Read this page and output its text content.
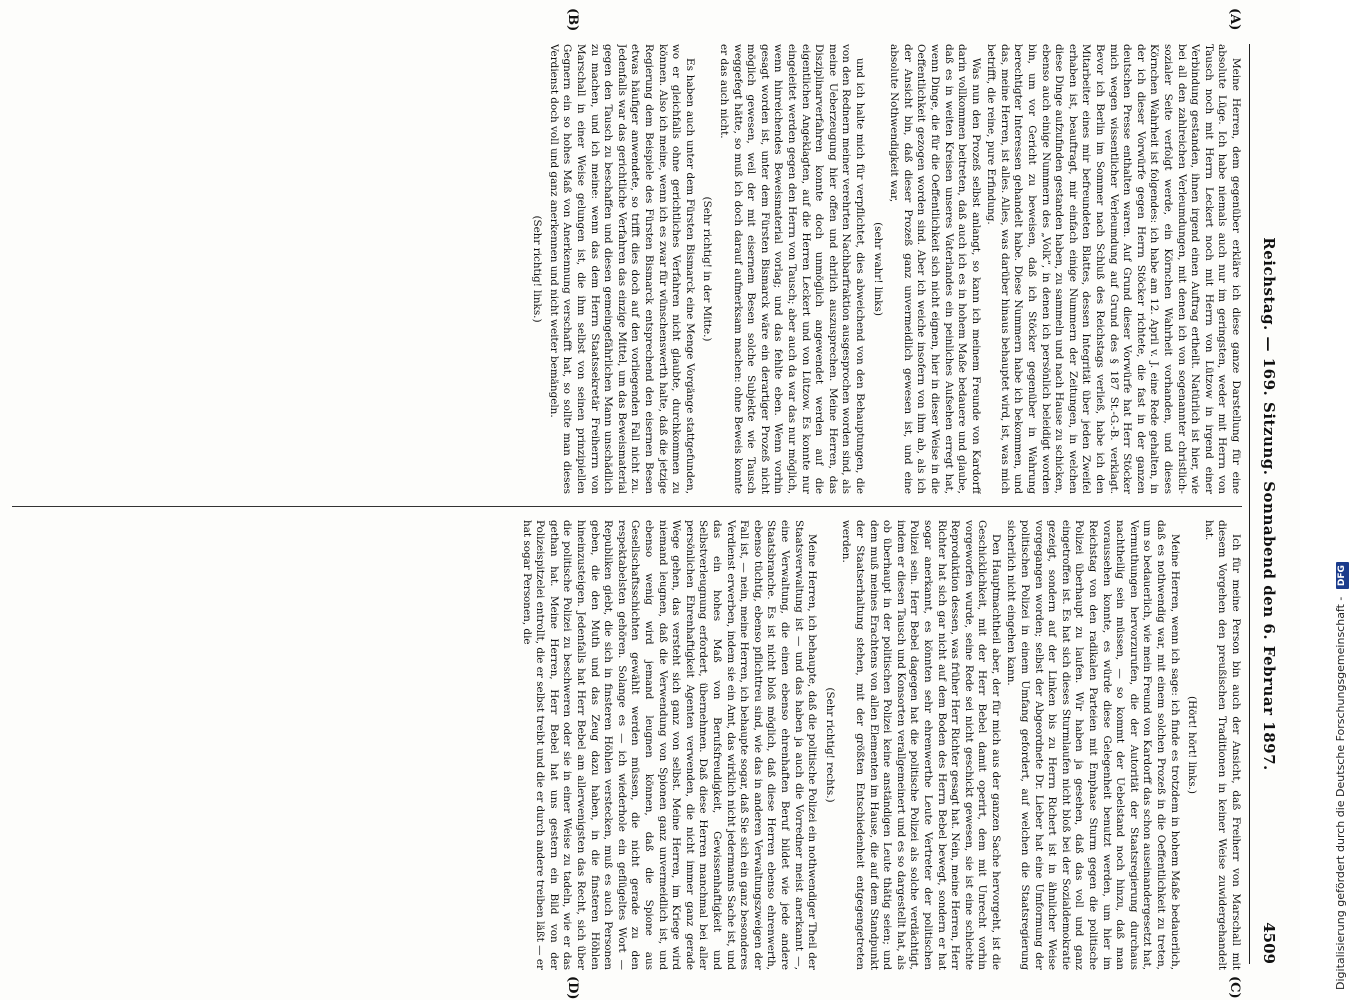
Reichstag. — 169. Sitzung. Sonnabend den 6. Februar 1897.
4509
(A)
(B)
(C)
(D)

Meine Herren, dem gegenüber erkläre ich diese ganze Darstellung für eine absolute Lüge. Ich habe niemals auch nur im geringsten, weder mit Herrn von Tausch noch mit Herrn Leckert noch mit Herrn von Lützow in irgend einer Verbindung gestanden, ihnen irgend einen Auftrag ertheilt. Natürlich ist hier, wie bei all den zahlreichen Verleumdungen, mit denen ich von sogenannter christlich-sozialer Seite verfolgt werde, ein Körnchen Wahrheit vorhanden, und dieses Körnchen Wahrheit ist folgendes: ich habe am 12. April v. J. eine Rede gehalten, in der ich dieser Vorwürfe gegen Herrn Stöcker richtete, die fast in der ganzen deutschen Presse enthalten waren. Auf Grund dieser Vorwürfe hat Herr Stöcker mich wegen wissentlicher Verleumdung auf Grund des § 187 St.-G.-B. verklagt. Bevor ich Berlin im Sommer nach Schluß des Reichstags verließ, habe ich den Mitarbeiter eines mir befreundeten Blattes, dessen Integrität über jeden Zweifel erhaben ist, beauftragt, mir einfach einige Nummern der Zeitungen, in welchen diese Dinge aufzufinden gestanden haben, zu sammeln und nach Hause zu schicken, ebenso auch einige Nummern des „Volk“, in denen ich persönlich beleidigt worden bin, um vor Gericht zu beweisen, daß ich Stöcker gegenüber in Wahrung berechtigter Interessen gehandelt habe. Diese Nummern habe ich bekommen, und das, meine Herren, ist alles. Alles, was darüber hinaus behauptet wird, ist, was mich betrifft, die reine, pure Erfindung.

Was nun den Prozeß selbst anlangt, so kann ich meinem Freunde von Kardorff darin vollkommen beitreten, daß auch ich es in hohem Maße bedauere und glaube, daß es in weiten Kreisen unseres Vaterlandes ein peinliches Aufsehen erregt hat, wenn Dinge, die für die Oeffentlichkeit sich nicht eignen, hier in dieser Weise in die Oeffentlichkeit gezogen worden sind. Aber ich weiche insofern von ihm ab, als ich der Ansicht bin, daß dieser Prozeß ganz unvermeidlich gewesen ist, und eine absolute Nothwendigkeit war,

(sehr wahr! links)

und ich halte mich für verpflichtet, dies abweichend von den Behauptungen, die von den Rednern meiner verehrten Nachbarfraktion ausgesprochen worden sind, als meine Ueberzeugung hier offen und ehrlich auszusprechen. Meine Herren, das Disziplinarverfahren konnte doch unmöglich angewendet werden auf die eigentlichen Angeklagten, auf die Herren Leckert und von Lützow. Es konnte nur eingeleitet werden gegen den Herrn von Tausch; aber auch da war das nur möglich, wenn hinreichendes Beweismaterial vorlag; und das fehlte eben. Wenn vorhin gesagt worden ist, unter dem Fürsten Bismarck wäre ein derartiger Prozeß nicht möglich gewesen, weil der mit eisernem Besen solche Subjekte wie Tausch weggefegt hätte, so muß ich doch darauf aufmerksam machen: ohne Beweis konnte er das auch nicht.

(Sehr richtig! in der Mitte.)

Es haben auch unter dem Fürsten Bismarck eine Menge Vorgänge stattgefunden, wo er gleichfalls ohne gerichtliches Verfahren nicht glaubte, durchkommen zu können. Also ich meine, wenn ich es zwar für wünschenswerth halte, daß die jetzige Regierung dem Beispiele des Fürsten Bismarck entsprechend den eisernen Besen etwas häufiger anwendete, so trifft dies doch auf den vorliegenden Fall nicht zu. Jedenfalls war das gerichtliche Verfahren das einzige Mittel, um das Beweismaterial gegen den Tausch zu beschaffen und diesen gemeingefährlichen Mann unschädlich zu machen, und ich meine: wenn das dem Herrn Staatssekretär Freiherrn von Marschall in einer Weise gelungen ist, die ihm selbst von seinen prinzipiellen Gegnern ein so hohes Maß von Anerkennung verschafft hat, so sollte man dieses Verdienst doch voll und ganz anerkennen und nicht weiter bemängeln.

(Sehr richtig! links.)

Ich für meine Person bin auch der Ansicht, daß Freiherr von Marschall mit diesem Vorgehen den preußischen Traditionen in keiner Weise zuwidergehandelt hat.

(Hört! hört! links.)

Meine Herren, wenn ich sage: ich finde es trotzdem in hohem Maße bedauerlich, daß es nothwendig war, mit einem solchen Prozeß in die Oeffentlichkeit zu treten, um so bedauerlich, wie mein Freund von Kardorff das schon auseinandergesetzt hat, Vermuthungen hervorzurufen, die der Autorität der Staatsregierung durchaus nachtheilig sein müssen, — so kommt der Uebelstand noch hinzu, daß man voraussehen konnte, es würde diese Gelegenheit benutzt werden, um hier im Reichstag von den radikalen Parteien mit Emphase Sturm gegen die politische Polizei überhaupt zu laufen. Wir haben ja gesehen, daß das voll und ganz eingetroffen ist. Es hat sich dieses Sturmlaufen nicht bloß bei der Sozialdemokratie gezeigt, sondern auf der Linken bis zu Herrn Richert ist in ähnlicher Weise vorgegangen worden; selbst der Abgeordnete Dr. Lieber hat eine Umformung der politischen Polizei in einem Umfang gefordert, auf welchen die Staatsregierung sicherlich nicht eingehen kann.

Den Hauptmachtheil aber, der für mich aus der ganzen Sache hervorgeht, ist die Geschicklichkeit, mit der Herr Bebel damit operirt, dem mit Unrecht vorhin vorgeworfen wurde, seine Rede sei nicht geschickt gewesen, sie ist eine schlechte Reproduktion dessen, was früher Herr Richter gesagt hat. Nein, meine Herren, Herr Richter hat sich gar nicht auf dem Boden des Herrn Bebel bewegt, sondern er hat sogar anerkannt, es könnten sehr ehrenwerthe Leute Vertreter der politischen Polizei sein. Herr Bebel dagegen hat die politische Polizei als solche verdächtigt, indem er diesen Tausch und Konsorten verallgemeinert und es so dargestellt hat, als ob überhaupt in der politischen Polizei keine anständigen Leute thätig seien; und dem muß meines Erachtens von allen Elementen im Hause, die auf dem Standpunkt der Staatserhaltung stehen, mit der größten Entschiedenheit entgegengetreten werden.

(Sehr richtig! rechts.)

Meine Herren, ich behaupte, daß die politische Polizei ein nothwendiger Theil der Staatsverwaltung ist — und das haben ja auch die Vorredner meist anerkannt —, eine Verwaltung, die einen ebenso ehrenhaften Beruf bildet wie jede andere Staatsbranche. Es ist nicht bloß möglich, daß diese Herren ebenso ehrenwerth, ebenso tüchtig, ebenso pflichttreu sind, wie das in anderen Verwaltungszweigen der Fall ist, — nein, meine Herren, ich behaupte sogar, daß Sie sich ein ganz besonderes Verdienst erwerben, indem sie ein Amt, das wirklich nicht jedermanns Sache ist, und das ein hohes Maß von Berufsfreudigkeit, Gewissenhaftigkeit und Selbstverleugnung erfordert, übernehmen. Daß diese Herren manchmal bei aller persönlichen Ehrenhaftigkeit Agenten verwenden, die nicht immer ganz gerade Wege gehen, das versteht sich ganz von selbst. Meine Herren, im Kriege wird niemand leugnen, daß die Verwendung von Spionen ganz unvermeidlich ist, und ebenso wenig wird jemand leugnen können, daß die Spione aus Gesellschaftsschichten gewählt werden müssen, die nicht gerade zu den respektabelsten gehören. Solange es — ich wiederhole ein geflügeltes Wort — Republiken giebt, die sich in finsteren Höhlen verstecken, muß es auch Personen geben, die den Muth und das Zeug dazu haben, in die finsteren Höhlen hineinzusteigen. Jedenfalls hat Herr Bebel am allerwenigsten das Recht, sich über die politische Polizei zu beschweren oder sie in einer Weise zu tadeln, wie er das gethan hat. Meine Herren, Herr Bebel hat uns gestern ein Bild von der Polizeispitzelei entrollt, die er selbst treibt und die er durch andere treiben läßt — er hat sogar Personen, die

Digitalisierung gefördert durch die Deutsche Forschungsgemeinschaft - DFG
